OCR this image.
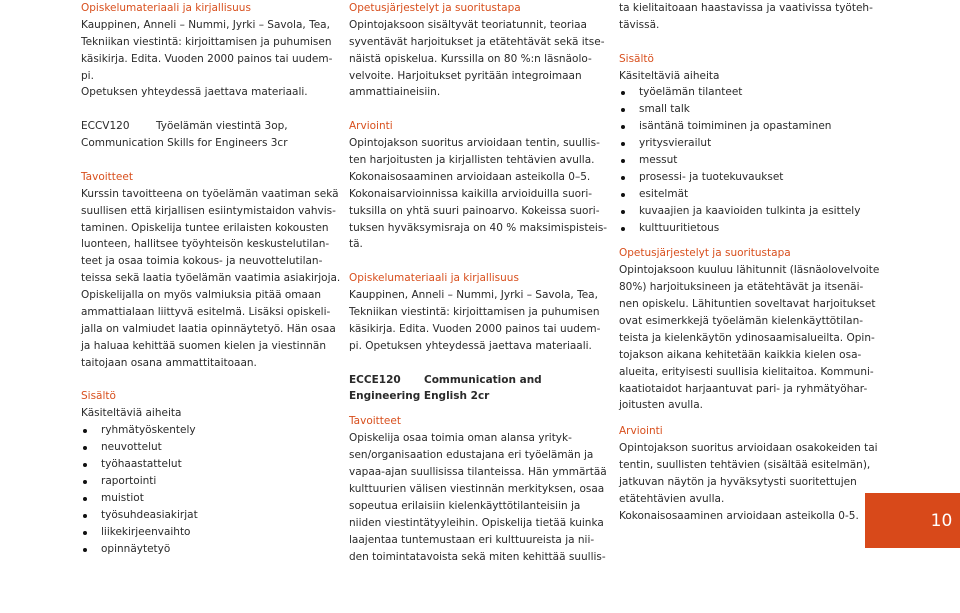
Opiskelumateriaali ja kirjallisuus
Kauppinen, Anneli – Nummi, Jyrki – Savola, Tea,
Tekniikan viestintä: kirjoittamisen ja puhumisen
käsikirja. Edita. Vuoden 2000 painos tai uudem-
pi.
Opetuksen yhteydessä jaettava materiaali.
ECCV120	Työelämän viestintä 3op,
Communication Skills for Engineers 3cr
Tavoitteet
Kurssin tavoitteena on työelämän vaatiman sekä
suullisen että kirjallisen esiintymistaidon vahvis-
taminen. Opiskelija tuntee erilaisten kokousten
luonteen, hallitsee työyhteisön keskustelutilan-
teet ja osaa toimia kokous- ja neuvottelutilan-
teissa sekä laatia työelämän vaatimia asiakirjoja.
Opiskelijalla on myös valmiuksia pitää omaan
ammattialaan liittyvä esitelmä. Lisäksi opiskeli-
jalla on valmiudet laatia opinnäytetyö. Hän osaa
ja haluaa kehittää suomen kielen ja viestinnän
taitojaan osana ammattitaitoaan.
Sisältö
Käsiteltäviä aiheita
ryhmätyöskentely
neuvottelut
työhaastattelut
raportointi
muistiot
työsuhdeasiakirjat
liikekirjeenvaihto
opinnäytetyö
Opetusjärjestelyt ja suoritustapa
Opintojaksoon sisältyvät teoriatunnit, teoriaa
syventävät harjoitukset ja etätehtävät sekä itse-
näistä opiskelua. Kurssilla on 80 %:n läsnäolo-
velvoite. Harjoitukset pyritään integroimaan
ammattiaineisiin.
Arviointi
Opintojakson suoritus arvioidaan tentin, suullis-
ten harjoitusten ja kirjallisten tehtävien avulla.
Kokonaisosaaminen arvioidaan asteikolla 0–5.
Kokonaisarvioinnissa kaikilla arvioiduilla suori-
tuksilla on yhtä suuri painoarvo. Kokeissa suori-
tuksen hyväksymisraja on 40 % maksimispisteis-
tä.
Opiskelumateriaali ja kirjallisuus
Kauppinen, Anneli – Nummi, Jyrki – Savola, Tea,
Tekniikan viestintä: kirjoittamisen ja puhumisen
käsikirja. Edita. Vuoden 2000 painos tai uudem-
pi. Opetuksen yhteydessä jaettava materiaali.
ECCE120 Communication and
Engineering English 2cr
Tavoitteet
Opiskelija osaa toimia oman alansa yrityk-
sen/organisaation edustajana eri työelämän ja
vapaa-ajan suullisissa tilanteissa. Hän ymmärtää
kulttuurien välisen viestinnän merkityksen, osaa
sopeutua erilaisiin kielenkäyttötilanteisiin ja
niiden viestintätyyleihin. Opiskelija tietää kuinka
laajentaa tuntemustaan eri kulttuureista ja nii-
den toimintatavoista sekä miten kehittää suullis-
ta kielitaitoaan haastavissa ja vaativissa työteh-
tävissä.
Sisältö
Käsiteltäviä aiheita
työelämän tilanteet
small talk
isäntänä toimiminen ja opastaminen
yritysvierailut
messut
prosessi- ja tuotekuvaukset
esitelmät
kuvaajien ja kaavioiden tulkinta ja esittely
kulttuuritietous
Opetusjärjestelyt ja suoritustapa
Opintojaksoon kuuluu lähitunnit (läsnäolovelvoite
80%) harjoituksineen ja etätehtävät ja itsenäi-
nen opiskelu. Lähituntien soveltavat harjoitukset
ovat esimerkkejä työelämän kielenkäyttötilan-
teista ja kielenkäytön ydinosaamisalueilta. Opin-
tojakson aikana kehitetään kaikkia kielen osa-
alueita, erityisesti suullisia kielitaitoa. Kommuni-
kaatiotaidot harjaantuvat pari- ja ryhmätyöhar-
joitusten avulla.
Arviointi
Opintojakson suoritus arvioidaan osakokeiden tai
tentin, suullisten tehtävien (sisältää esitelmän),
jatkuvan näytön ja hyväksytysti suoritettujen
etätehtävien avulla.
Kokonaisosaaminen arvioidaan asteikolla 0-5.	10
